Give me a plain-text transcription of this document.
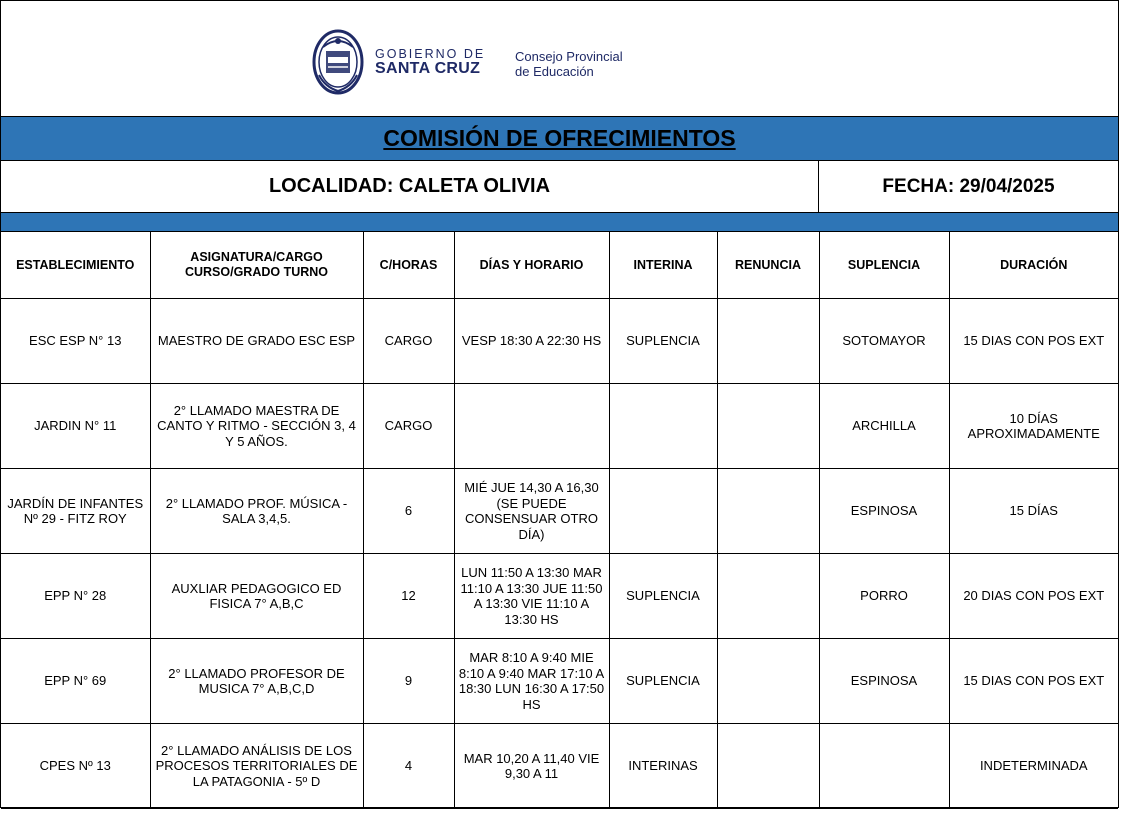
GOBIERNO DE
SANTA CRUZ
Consejo Provincial
de Educación
COMISIÓN DE OFRECIMIENTOS
LOCALIDAD: CALETA OLIVIA	FECHA: 29/04/2025
ESTABLECIMIENTO	ASIGNATURA/CARGO CURSO/GRADO TURNO	C/HORAS	DÍAS Y HORARIO	INTERINA	RENUNCIA	SUPLENCIA	DURACIÓN
ESC ESP N° 13	MAESTRO DE GRADO ESC ESP	CARGO	VESP 18:30 A 22:30 HS	SUPLENCIA		SOTOMAYOR	15 DIAS CON POS EXT
JARDIN N° 11	2° LLAMADO MAESTRA DE CANTO Y RITMO - SECCIÓN 3, 4 Y 5 AÑOS.	CARGO				ARCHILLA	10 DÍAS APROXIMADAMENTE
JARDÍN DE INFANTES Nº 29 - FITZ ROY	2° LLAMADO PROF. MÚSICA - SALA 3,4,5.	6	MIÉ JUE 14,30 A 16,30 (SE PUEDE CONSENSUAR OTRO DÍA)			ESPINOSA	15 DÍAS
EPP N° 28	AUXLIAR PEDAGOGICO ED FISICA 7° A,B,C	12	LUN 11:50 A 13:30 MAR 11:10 A 13:30 JUE 11:50 A 13:30 VIE 11:10 A 13:30 HS	SUPLENCIA		PORRO	20 DIAS CON POS EXT
EPP N° 69	2° LLAMADO PROFESOR DE MUSICA 7° A,B,C,D	9	MAR 8:10 A 9:40 MIE 8:10 A 9:40 MAR 17:10 A 18:30 LUN 16:30 A 17:50 HS	SUPLENCIA		ESPINOSA	15 DIAS CON POS EXT
CPES Nº 13	2° LLAMADO ANÁLISIS DE LOS PROCESOS TERRITORIALES DE LA PATAGONIA - 5º D	4	MAR 10,20 A 11,40 VIE 9,30 A 11	INTERINAS			INDETERMINADA
